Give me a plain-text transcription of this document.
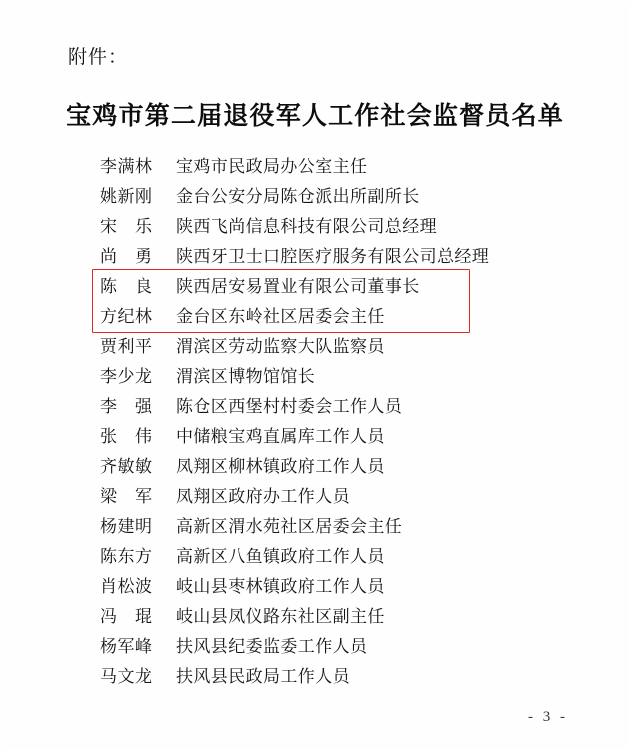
附件：
宝鸡市第二届退役军人工作社会监督员名单
李满林	宝鸡市民政局办公室主任
姚新刚	金台公安分局陈仓派出所副所长
宋　乐	陕西飞尚信息科技有限公司总经理
尚　勇	陕西牙卫士口腔医疗服务有限公司总经理
陈　良	陕西居安易置业有限公司董事长
方纪林	金台区东岭社区居委会主任
贾利平	渭滨区劳动监察大队监察员
李少龙	渭滨区博物馆馆长
李　强	陈仓区西堡村村委会工作人员
张　伟	中储粮宝鸡直属库工作人员
齐敏敏	凤翔区柳林镇政府工作人员
梁　军	凤翔区政府办工作人员
杨建明	高新区渭水苑社区居委会主任
陈东方	高新区八鱼镇政府工作人员
肖松波	岐山县枣林镇政府工作人员
冯　琨	岐山县凤仪路东社区副主任
杨军峰	扶风县纪委监委工作人员
马文龙	扶风县民政局工作人员
- 3 -
